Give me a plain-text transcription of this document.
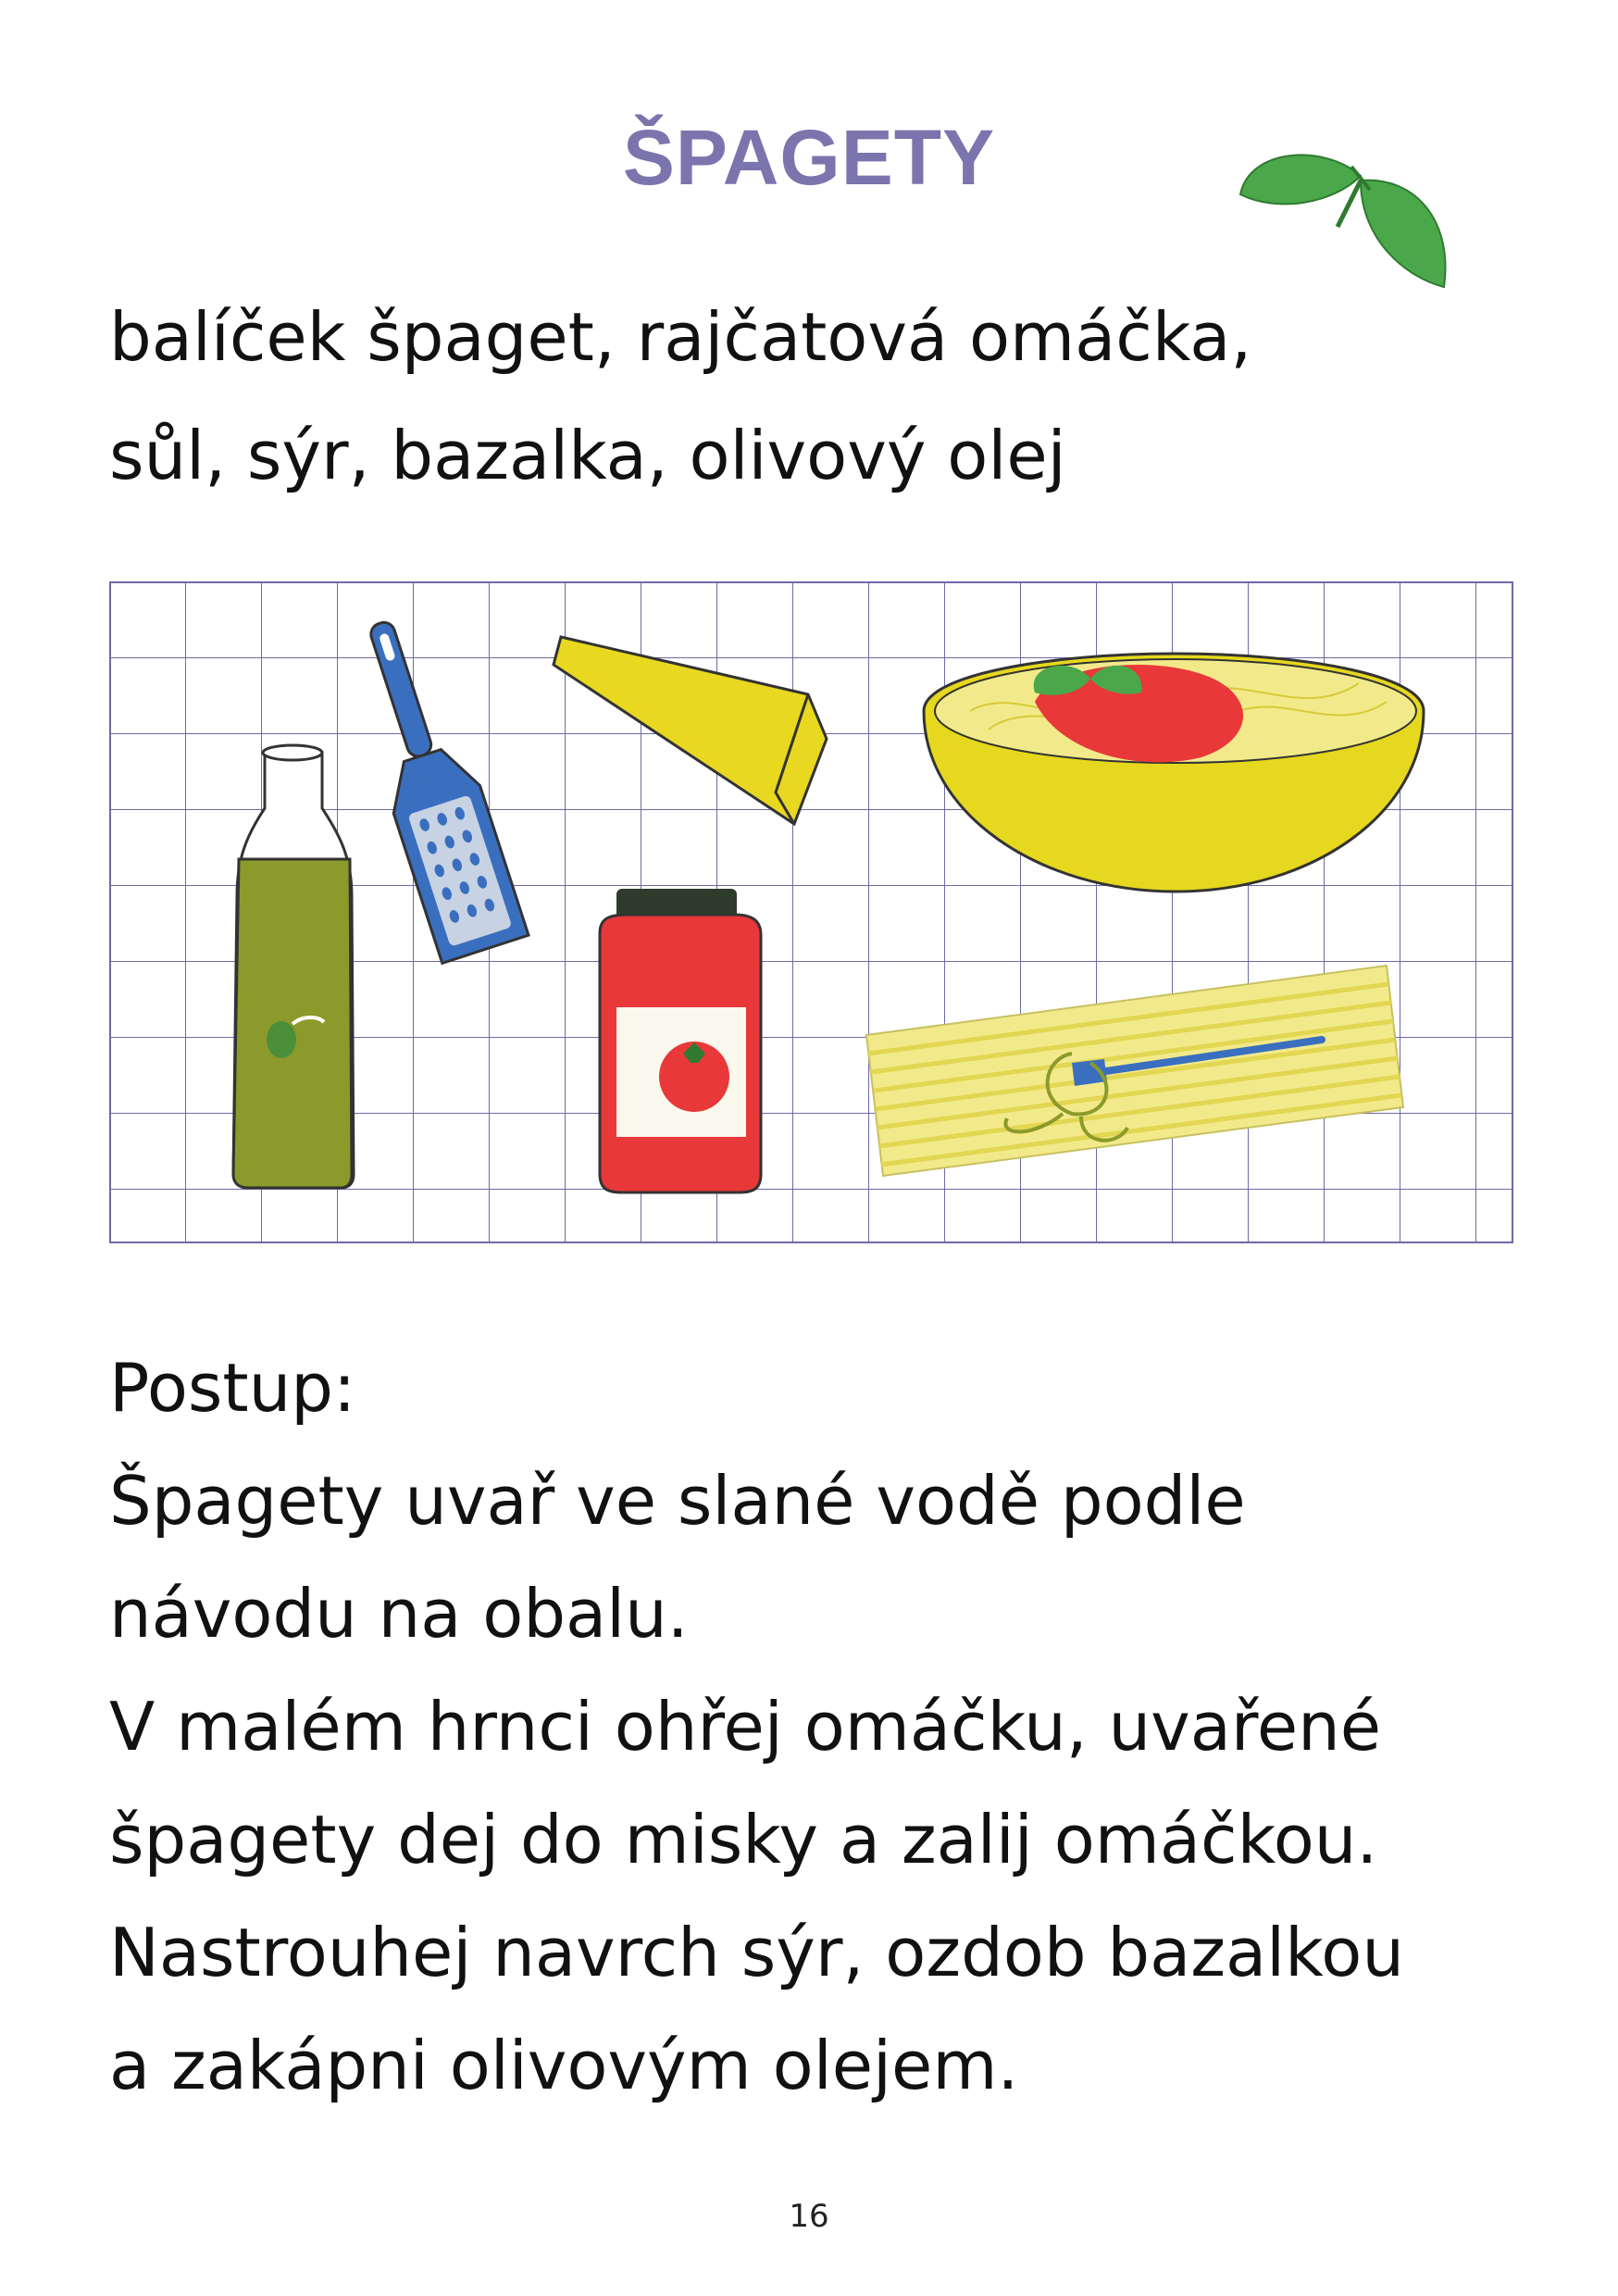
ŠPAGETY
balíček špaget, rajčatová omáčka,
sůl, sýr, bazalka, olivový olej
Postup:
Špagety uvař ve slané vodě podle
návodu na obalu.
V malém hrnci ohřej omáčku, uvařené
špagety dej do misky a zalij omáčkou.
Nastrouhej navrch sýr, ozdob bazalkou
a zakápni olivovým olejem.
16
